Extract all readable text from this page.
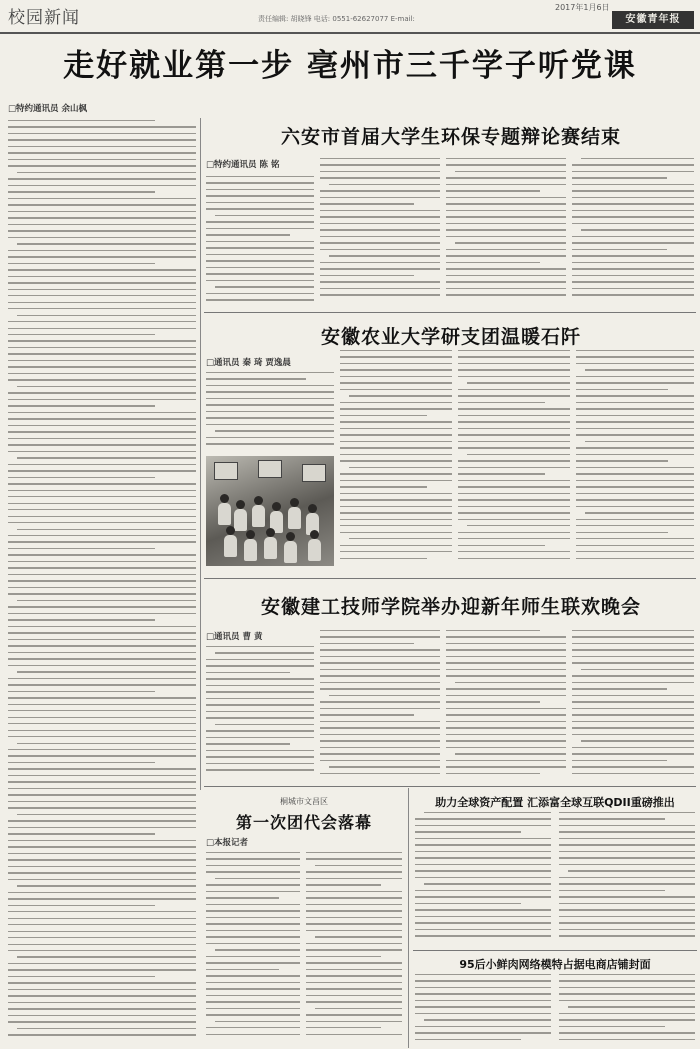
校园新闻	责任编辑: 胡晓锋 电话: 0551-62627077 E-mail:
2017年1月6日
安徽青年报
走好就业第一步 亳州市三千学子听党课
□特约通讯员 余山枫
六安市首届大学生环保专题辩论赛结束
□特约通讯员 陈 铭
安徽农业大学研支团温暖石阡
□通讯员 秦 琦 贾逸晨
安徽建工技师学院举办迎新年师生联欢晚会
□通讯员 曹 黄
桐城市文昌区
第一次团代会落幕
□本报记者
助力全球资产配置 汇添富全球互联QDII重磅推出
95后小鲜肉网络模特占据电商店铺封面
